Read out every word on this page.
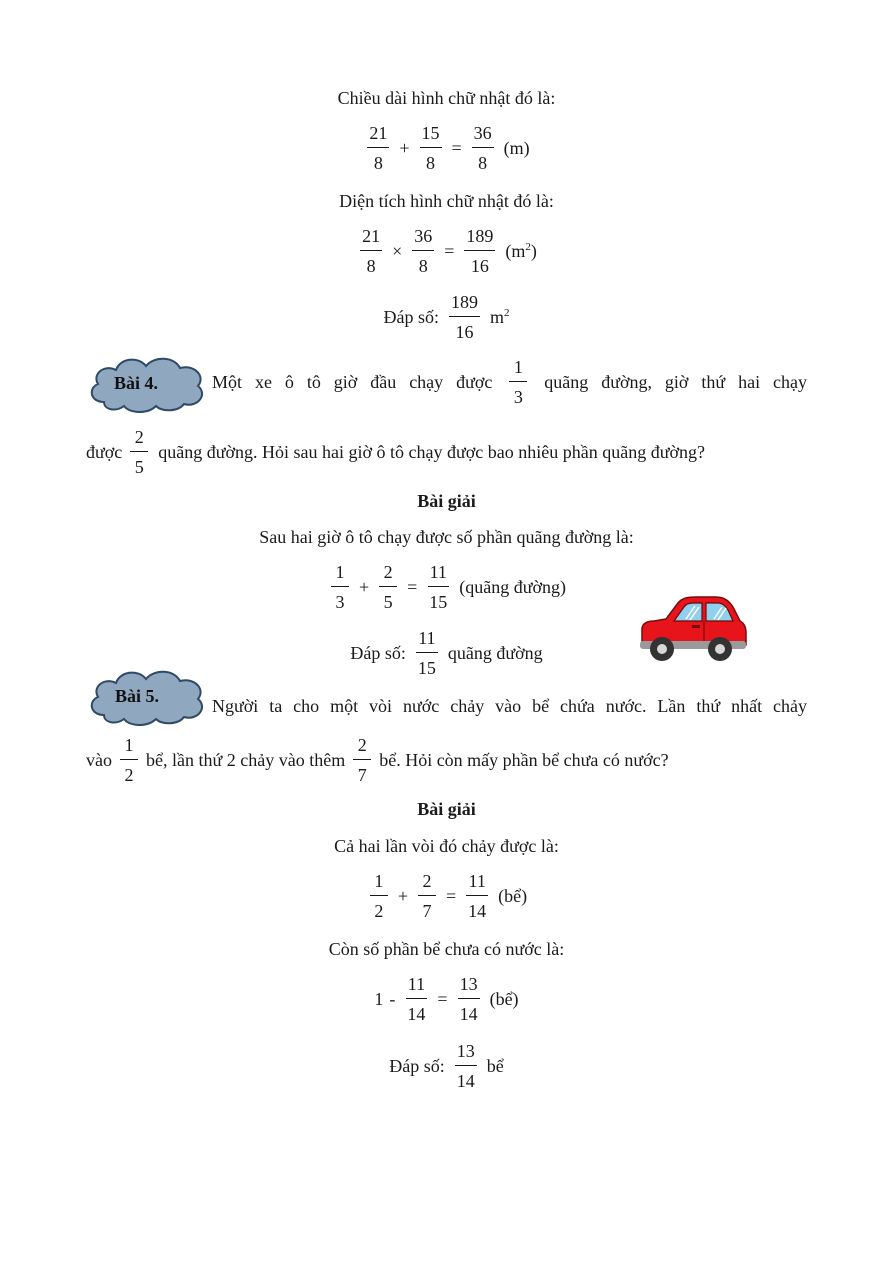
Chiều dài hình chữ nhật đó là:
$\frac{21}{8} + \frac{15}{8} = \frac{36}{8} (m)$
Diện tích hình chữ nhật đó là:
$\frac{21}{8} \times \frac{36}{8} = \frac{189}{16} (m^2)$
Đáp số: $\frac{189}{16} m^2$
Bài 4.	Một xe ô tô giờ đầu chạy được $\frac{1}{3}$ quãng đường, giờ thứ hai chạy
được $\frac{2}{5}$ quãng đường. Hỏi sau hai giờ ô tô chạy được bao nhiêu phần quãng đường?
Bài giải
Sau hai giờ ô tô chạy được số phần quãng đường là:
$\frac{1}{3} + \frac{2}{5} = \frac{11}{15}$ (quãng đường)
Đáp số: $\frac{11}{15}$ quãng đường
Bài 5.	Người ta cho một vòi nước chảy vào bể chứa nước. Lần thứ nhất chảy
vào $\frac{1}{2}$ bể, lần thứ 2 chảy vào thêm $\frac{2}{7}$ bể. Hỏi còn mấy phần bể chưa có nước?
Bài giải
Cả hai lần vòi đó chảy được là:
$\frac{1}{2} + \frac{2}{7} = \frac{11}{14}$ (bể)
Còn số phần bể chưa có nước là:
$1 - \frac{11}{14} = \frac{13}{14}$ (bể)
Đáp số: $\frac{13}{14}$ bể
